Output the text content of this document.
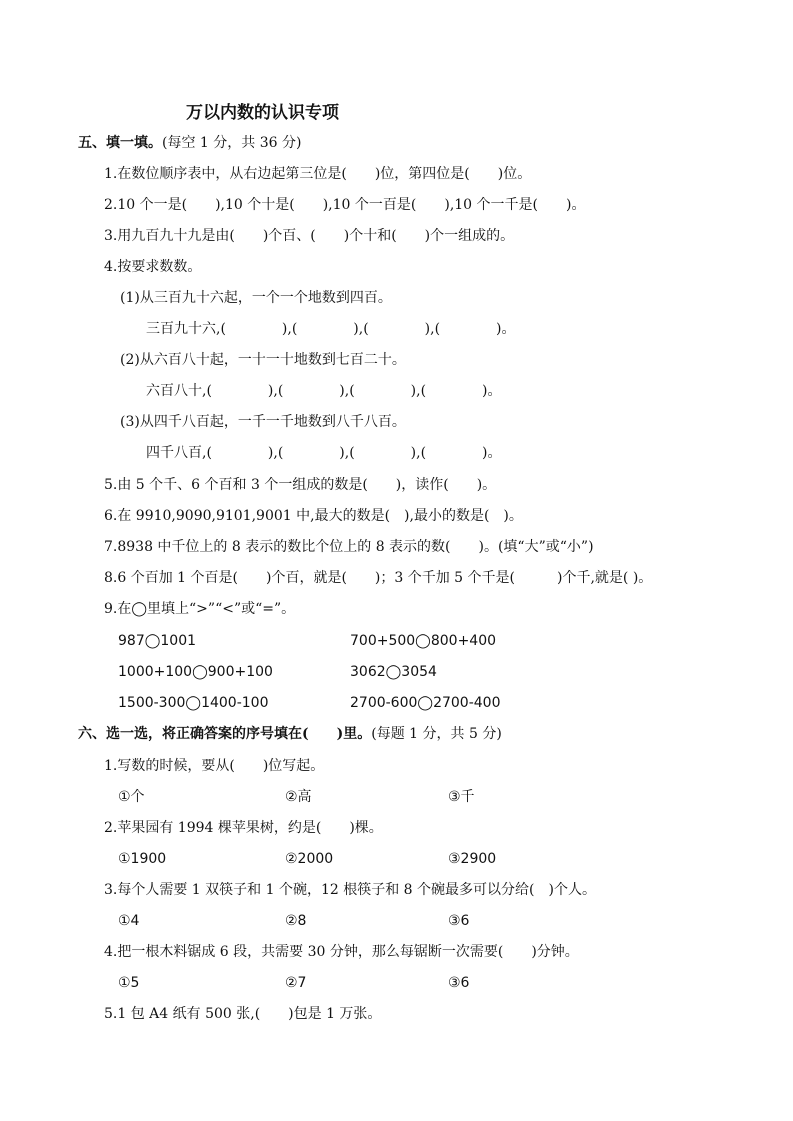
万以内数的认识专项
五、填一填。(每空 1 分，共 36 分)
1.在数位顺序表中，从右边起第三位是(　　)位，第四位是(　　)位。
2.10 个一是(　　),10 个十是(　　),10 个一百是(　　),10 个一千是(　　)。
3.用九百九十九是由(　　)个百、(　　)个十和(　　)个一组成的。
4.按要求数数。
(1)从三百九十六起，一个一个地数到四百。
三百九十六,(　　　　),(　　　　),(　　　　),(　　　　)。
(2)从六百八十起，一十一十地数到七百二十。
六百八十,(　　　　),(　　　　),(　　　　),(　　　　)。
(3)从四千八百起，一千一千地数到八千八百。
四千八百,(　　　　),(　　　　),(　　　　),(　　　　)。
5.由 5 个千、6 个百和 3 个一组成的数是(　　)，读作(　　)。
6.在 9910,9090,9101,9001 中,最大的数是(　),最小的数是(　)。
7.8938 中千位上的 8 表示的数比个位上的 8 表示的数(　　)。(填“大”或“小”)
8.6 个百加 1 个百是(　　)个百，就是(　　)；3 个千加 5 个千是(　　　)个千,就是( )。
9.在◯里填上“>”“<”或“=”。
987◯1001	700+500◯800+400
1000+100◯900+100	3062◯3054
1500-300◯1400-100	2700-600◯2700-400
六、选一选，将正确答案的序号填在(　　)里。(每题 1 分，共 5 分)
1.写数的时候，要从(　　)位写起。
①个	②高	③千
2.苹果园有 1994 棵苹果树，约是(　　)棵。
①1900	②2000	③2900
3.每个人需要 1 双筷子和 1 个碗，12 根筷子和 8 个碗最多可以分给(　)个人。
①4	②8	③6
4.把一根木料锯成 6 段，共需要 30 分钟，那么每锯断一次需要(　　)分钟。
①5	②7	③6
5.1 包 A4 纸有 500 张,(　　)包是 1 万张。
